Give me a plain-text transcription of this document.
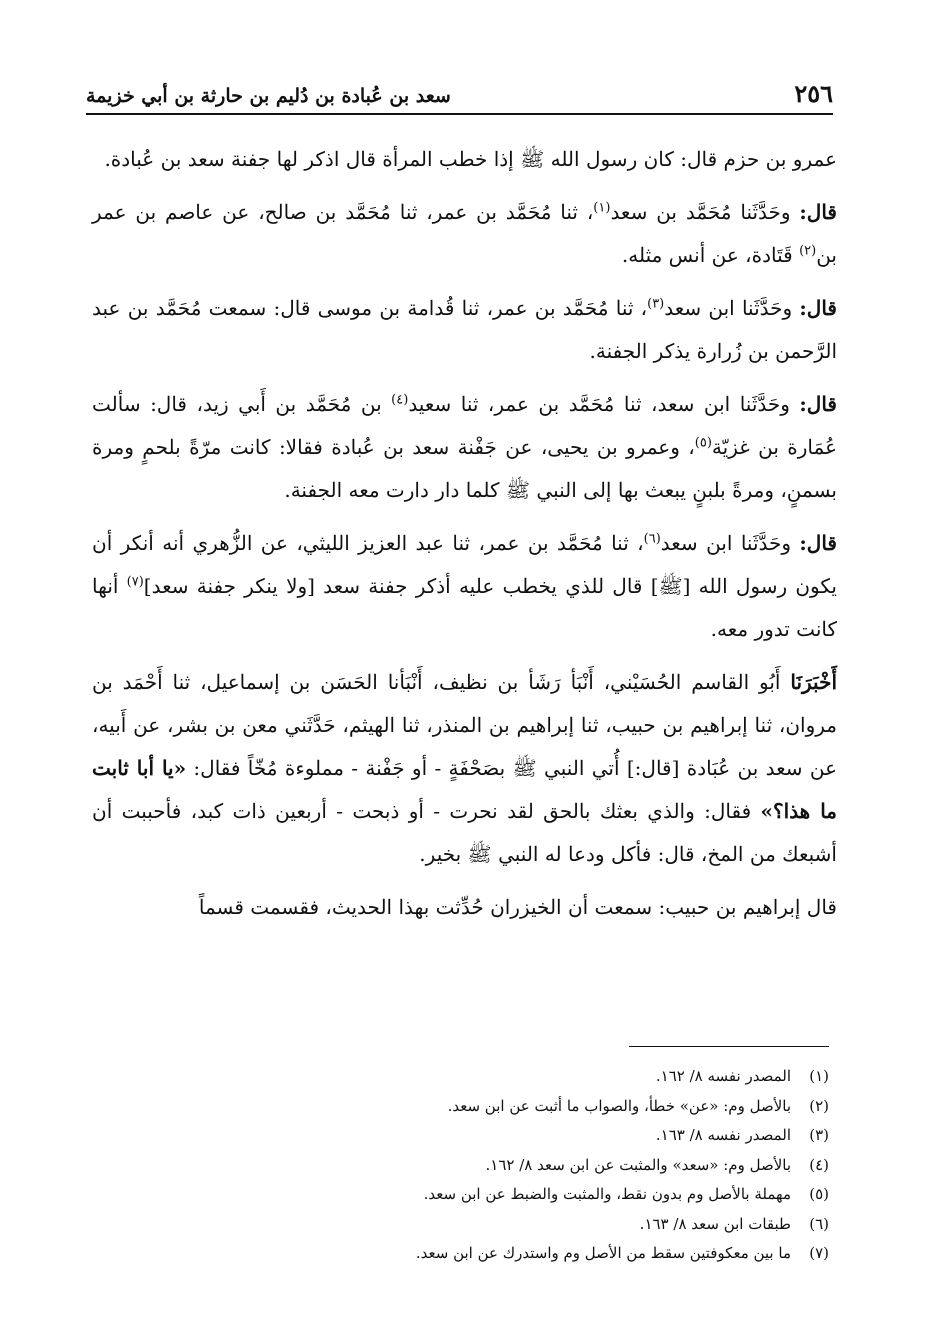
٢٥٦
سعد بن عُبادة بن دُليم بن حارثة بن أبي خزيمة

عمرو بن حزم قال: كان رسول الله ﷺ إذا خطب المرأة قال اذكر لها جفنة سعد بن عُبادة.

قال: وحَدَّثَنا مُحَمَّد بن سعد$^{(١)}$، ثنا مُحَمَّد بن عمر، ثنا مُحَمَّد بن صالح، عن عاصم بن عمر بن$^{(٢)}$ قَتَادة، عن أنس مثله.

قال: وحَدَّثَنا ابن سعد$^{(٣)}$، ثنا مُحَمَّد بن عمر، ثنا قُدامة بن موسى قال: سمعت مُحَمَّد بن عبد الرَّحمن بن زُرارة يذكر الجفنة.

قال: وحَدَّثَنا ابن سعد، ثنا مُحَمَّد بن عمر، ثنا سعيد$^{(٤)}$ بن مُحَمَّد بن أَبي زيد، قال: سألت عُمَارة بن غزيّة$^{(٥)}$، وعمرو بن يحيى، عن جَفْنة سعد بن عُبادة فقالا: كانت مرّةً بلحمٍ ومرة بسمنٍ، ومرةً بلبنٍ يبعث بها إلى النبي ﷺ كلما دار دارت معه الجفنة.

قال: وحَدَّثَنا ابن سعد$^{(٦)}$، ثنا مُحَمَّد بن عمر، ثنا عبد العزيز الليثي، عن الزُّهري أنه أنكر أن يكون رسول الله [ﷺ] قال للذي يخطب عليه أذكر جفنة سعد [ولا ينكر جفنة سعد]$^{(٧)}$ أنها كانت تدور معه.

أَخْبَرَنَا أَبُو القاسم الحُسَيْني، أَنْبَأ رَشَأ بن نظيف، أَنْبَأنا الحَسَن بن إسماعيل، ثنا أَحْمَد بن مروان، ثنا إبراهيم بن حبيب، ثنا إبراهيم بن المنذر، ثنا الهيثم، حَدَّثَني معن بن بشر، عن أَبيه، عن سعد بن عُبَادة [قال:] أُتي النبي ﷺ بصَحْفَةٍ - أو جَفْنة - مملوءة مُخّاً فقال: «يا أبا ثابت ما هذا؟» فقال: والذي بعثك بالحق لقد نحرت - أو ذبحت - أربعين ذات كبد، فأحببت أن أشبعك من المخ، قال: فأكل ودعا له النبي ﷺ بخير.

قال إبراهيم بن حبيب: سمعت أن الخيزران حُدِّثت بهذا الحديث، فقسمت قسماً

(١)
المصدر نفسه ٨/ ١٦٢.
(٢)
بالأصل وم: «عن» خطأ، والصواب ما أثبت عن ابن سعد.
(٣)
المصدر نفسه ٨/ ١٦٣.
(٤)
بالأصل وم: «سعد» والمثبت عن ابن سعد ٨/ ١٦٢.
(٥)
مهملة بالأصل وم بدون نقط، والمثبت والضبط عن ابن سعد.
(٦)
طبقات ابن سعد ٨/ ١٦٣.
(٧)
ما بين معكوفتين سقط من الأصل وم واستدرك عن ابن سعد.
